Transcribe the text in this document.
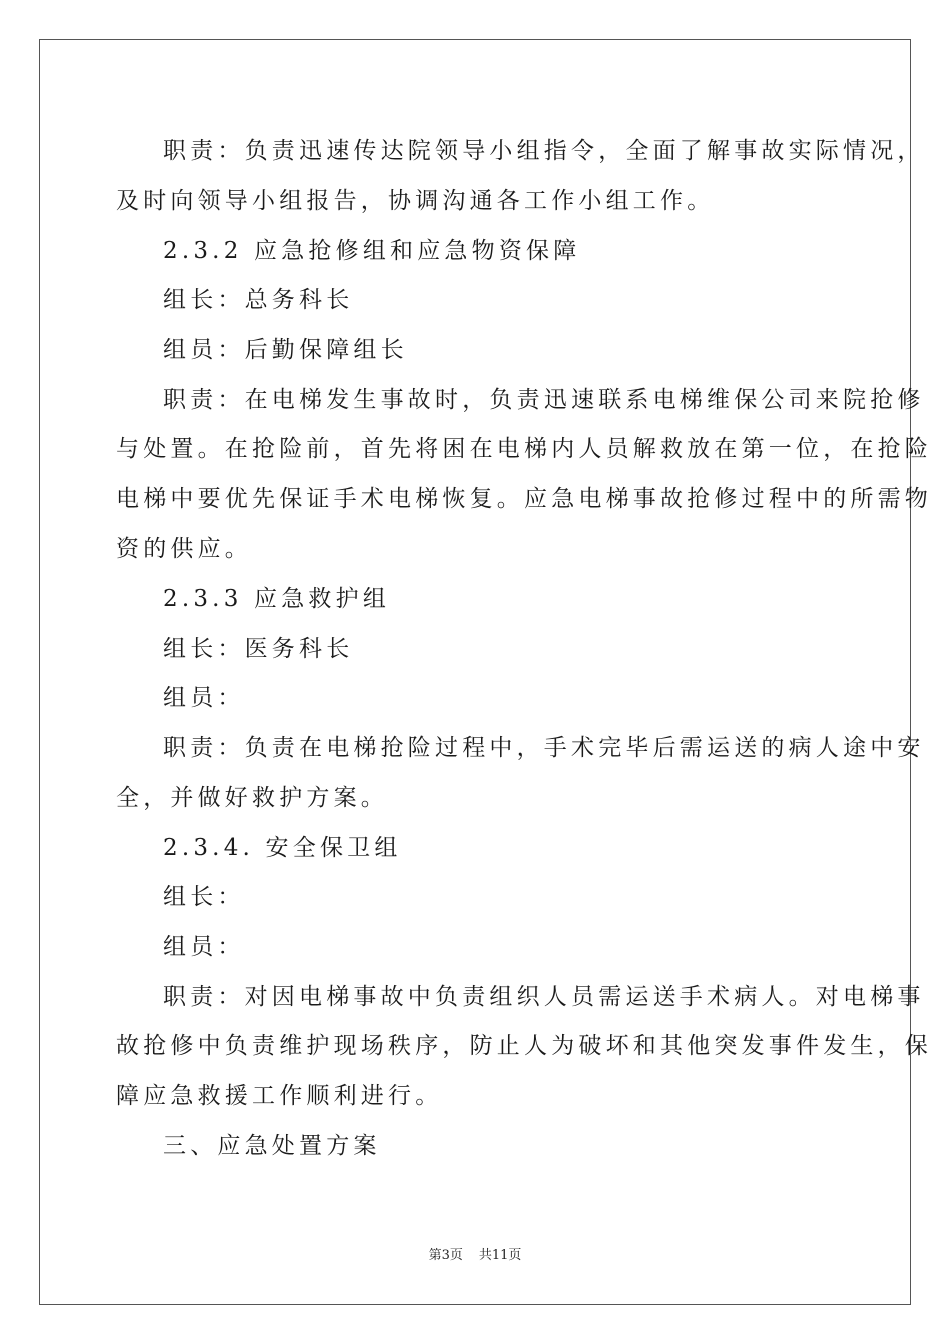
职责：负责迅速传达院领导小组指令，全面了解事故实际情况，
及时向领导小组报告，协调沟通各工作小组工作。
2.3.2 应急抢修组和应急物资保障
组长：总务科长
组员：后勤保障组长
职责：在电梯发生事故时，负责迅速联系电梯维保公司来院抢修
与处置。在抢险前，首先将困在电梯内人员解救放在第一位，在抢险
电梯中要优先保证手术电梯恢复。应急电梯事故抢修过程中的所需物
资的供应。
2.3.3 应急救护组
组长：医务科长
组员：
职责：负责在电梯抢险过程中，手术完毕后需运送的病人途中安
全，并做好救护方案。
2.3.4. 安全保卫组
组长：
组员：
职责：对因电梯事故中负责组织人员需运送手术病人。对电梯事
故抢修中负责维护现场秩序，防止人为破坏和其他突发事件发生，保
障应急救援工作顺利进行。
三、应急处置方案
第3页 共11页
